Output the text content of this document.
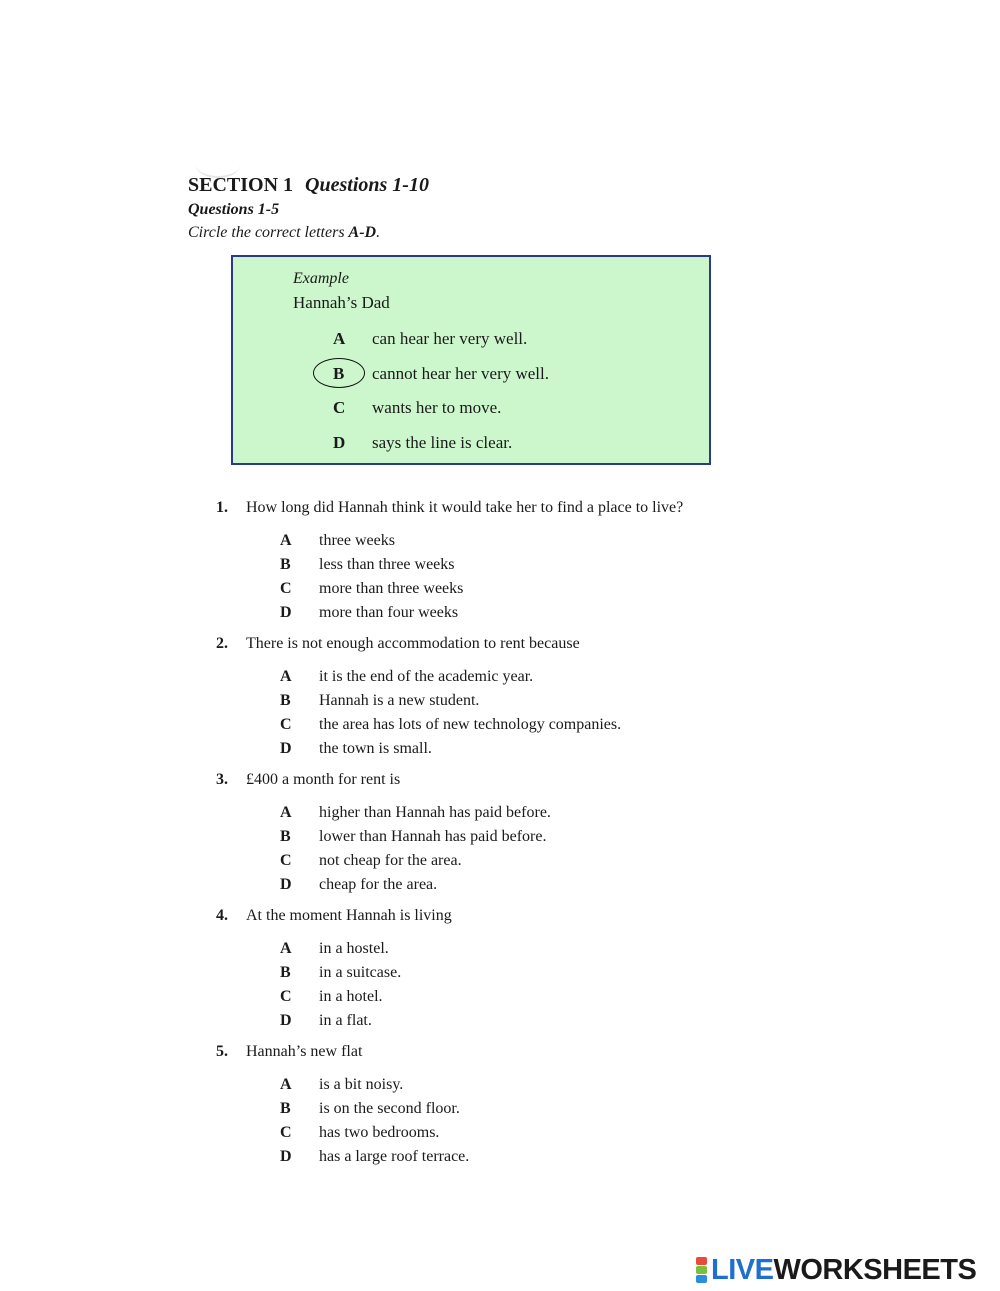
SECTION 1 Questions 1-10
Questions 1-5
Circle the correct letters A-D.
Example
Hannah’s Dad
A can hear her very well.
B cannot hear her very well.
C wants her to move.
D says the line is clear.
1. How long did Hannah think it would take her to find a place to live?
A three weeks
B less than three weeks
C more than three weeks
D more than four weeks
2. There is not enough accommodation to rent because
A it is the end of the academic year.
B Hannah is a new student.
C the area has lots of new technology companies.
D the town is small.
3. £400 a month for rent is
A higher than Hannah has paid before.
B lower than Hannah has paid before.
C not cheap for the area.
D cheap for the area.
4. At the moment Hannah is living
A in a hostel.
B in a suitcase.
C in a hotel.
D in a flat.
5. Hannah’s new flat
A is a bit noisy.
B is on the second floor.
C has two bedrooms.
D has a large roof terrace.
LIVEWORKSHEETS
